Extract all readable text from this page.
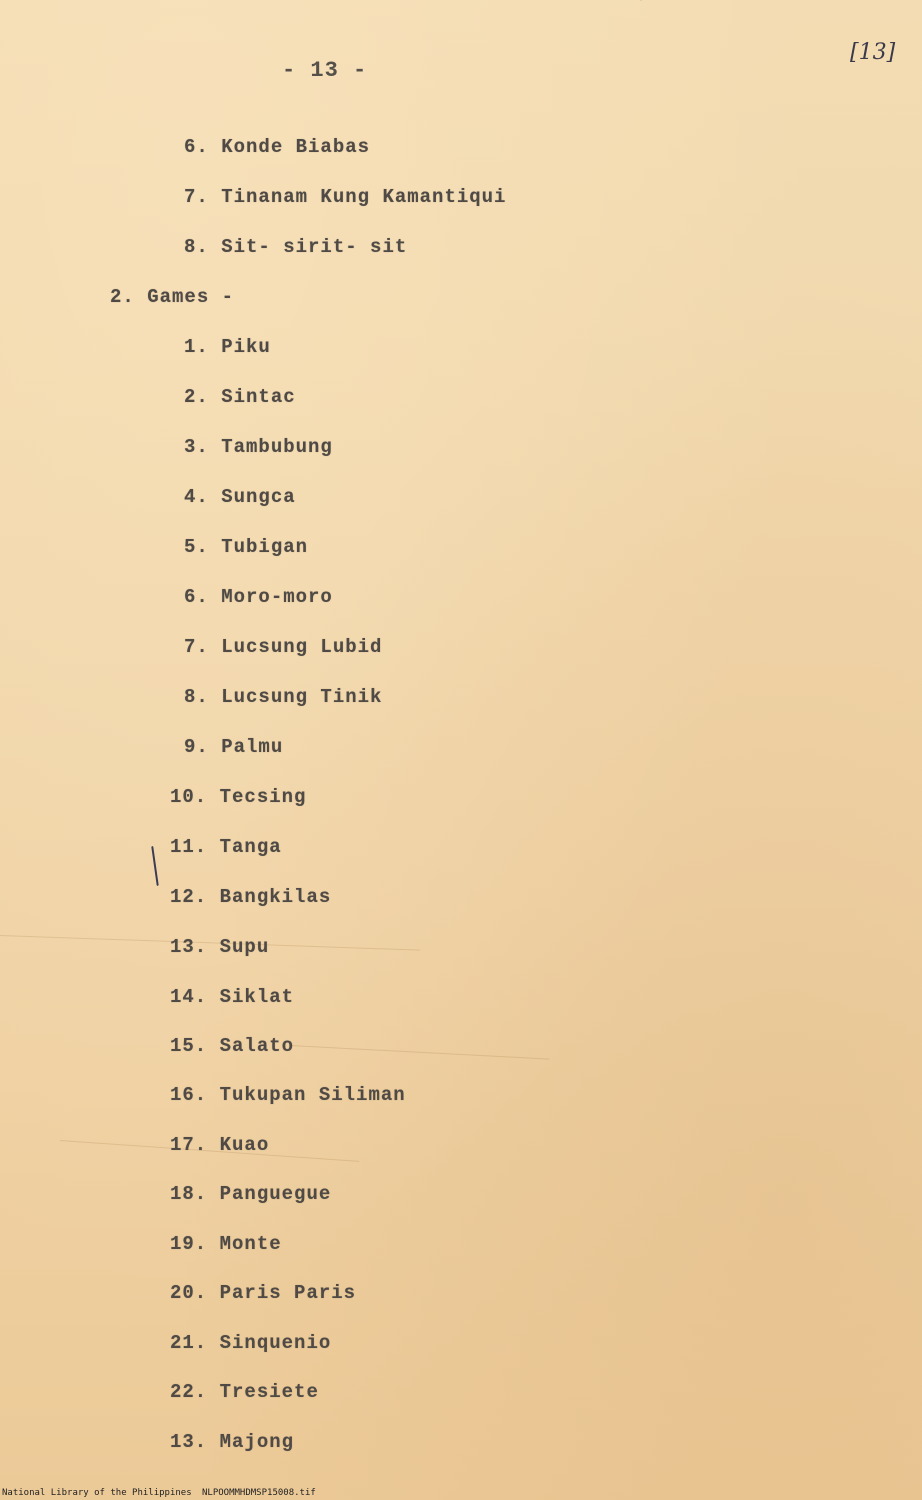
- 13 -
[13]
6. Konde Biabas
7. Tinanam Kung Kamantiqui
8. Sit- sirit- sit
2. Games -
1. Piku
2. Sintac
3. Tambubung
4. Sungca
5. Tubigan
6. Moro-moro
7. Lucsung Lubid
8. Lucsung Tinik
9. Palmu
10. Tecsing
11. Tanga
12. Bangkilas
13. Supu
14. Siklat
15. Salato
16. Tukupan Siliman
17. Kuao
18. Panguegue
19. Monte
20. Paris Paris
21. Sinquenio
22. Tresiete
13. Majong
National Library of the Philippines NLPOOMMHDMSP15008.tif
